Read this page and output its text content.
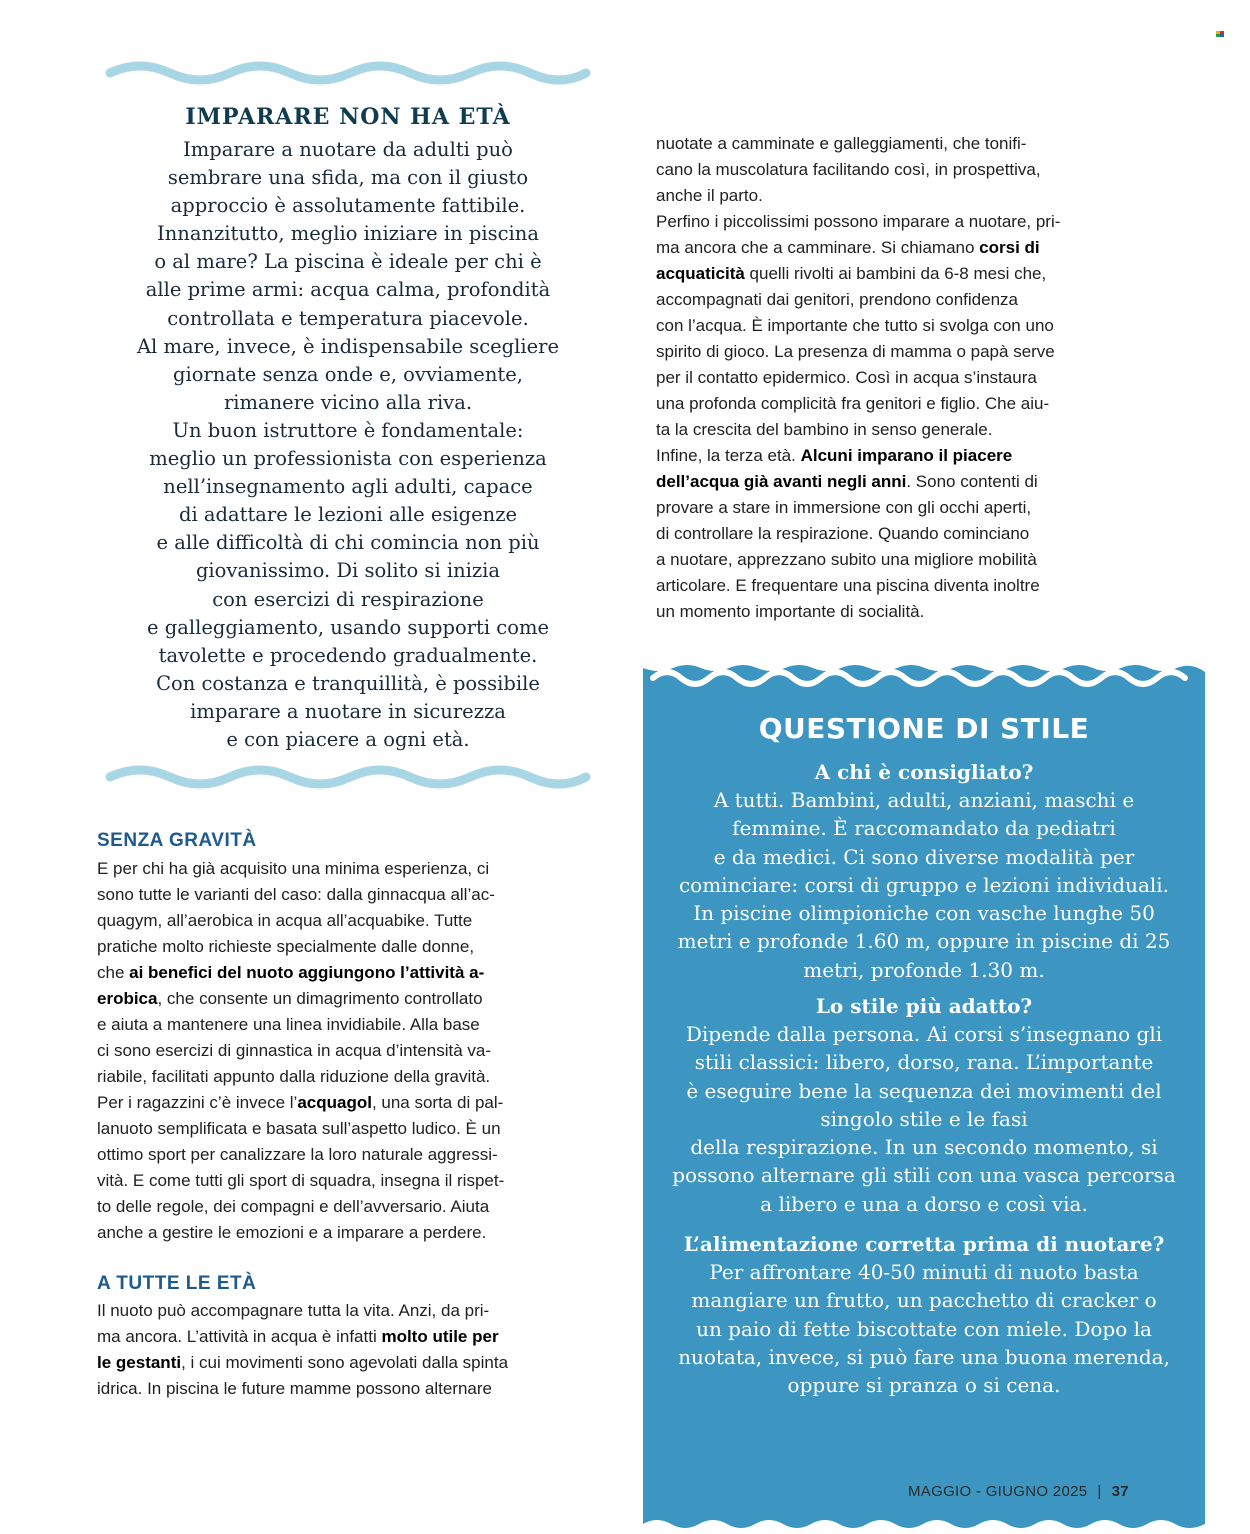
IMPARARE NON HA ETÀ
Imparare a nuotare da adulti può
sembrare una sfida, ma con il giusto
approccio è assolutamente fattibile.
Innanzitutto, meglio iniziare in piscina
o al mare? La piscina è ideale per chi è
alle prime armi: acqua calma, profondità
controllata e temperatura piacevole.
Al mare, invece, è indispensabile scegliere
giornate senza onde e, ovviamente,
rimanere vicino alla riva.
Un buon istruttore è fondamentale:
meglio un professionista con esperienza
nell’insegnamento agli adulti, capace
di adattare le lezioni alle esigenze
e alle difficoltà di chi comincia non più
giovanissimo. Di solito si inizia
con esercizi di respirazione
e galleggiamento, usando supporti come
tavolette e procedendo gradualmente.
Con costanza e tranquillità, è possibile
imparare a nuotare in sicurezza
e con piacere a ogni età.
nuotate a camminate e galleggiamenti, che tonifi-
cano la muscolatura facilitando così, in prospettiva,
anche il parto.
Perfino i piccolissimi possono imparare a nuotare, pri-
ma ancora che a camminare. Si chiamano corsi di
acquaticità quelli rivolti ai bambini da 6-8 mesi che,
accompagnati dai genitori, prendono confidenza
con l’acqua. È importante che tutto si svolga con uno
spirito di gioco. La presenza di mamma o papà serve
per il contatto epidermico. Così in acqua s’instaura
una profonda complicità fra genitori e figlio. Che aiu-
ta la crescita del bambino in senso generale.
Infine, la terza età. Alcuni imparano il piacere
dell’acqua già avanti negli anni. Sono contenti di
provare a stare in immersione con gli occhi aperti,
di controllare la respirazione. Quando cominciano
a nuotare, apprezzano subito una migliore mobilità
articolare. E frequentare una piscina diventa inoltre
un momento importante di socialità.
SENZA GRAVITÀ
E per chi ha già acquisito una minima esperienza, ci
sono tutte le varianti del caso: dalla ginnacqua all’ac-
quagym, all’aerobica in acqua all’acquabike. Tutte
pratiche molto richieste specialmente dalle donne,
che ai benefici del nuoto aggiungono l’attività a-
erobica, che consente un dimagrimento controllato
e aiuta a mantenere una linea invidiabile. Alla base
ci sono esercizi di ginnastica in acqua d’intensità va-
riabile, facilitati appunto dalla riduzione della gravità.
Per i ragazzini c’è invece l’acquagol, una sorta di pal-
lanuoto semplificata e basata sull’aspetto ludico. È un
ottimo sport per canalizzare la loro naturale aggressi-
vità. E come tutti gli sport di squadra, insegna il rispet-
to delle regole, dei compagni e dell’avversario. Aiuta
anche a gestire le emozioni e a imparare a perdere.
A TUTTE LE ETÀ
Il nuoto può accompagnare tutta la vita. Anzi, da pri-
ma ancora. L’attività in acqua è infatti molto utile per
le gestanti, i cui movimenti sono agevolati dalla spinta
idrica. In piscina le future mamme possono alternare
QUESTIONE DI STILE
A chi è consigliato?
A tutti. Bambini, adulti, anziani, maschi e
femmine. È raccomandato da pediatri
e da medici. Ci sono diverse modalità per
cominciare: corsi di gruppo e lezioni individuali.
In piscine olimpioniche con vasche lunghe 50
metri e profonde 1.60 m, oppure in piscine di 25
metri, profonde 1.30 m.
Lo stile più adatto?
Dipende dalla persona. Ai corsi s’insegnano gli
stili classici: libero, dorso, rana. L’importante
è eseguire bene la sequenza dei movimenti del
singolo stile e le fasi
della respirazione. In un secondo momento, si
possono alternare gli stili con una vasca percorsa
a libero e una a dorso e così via.
L’alimentazione corretta prima di nuotare?
Per affrontare 40-50 minuti di nuoto basta
mangiare un frutto, un pacchetto di cracker o
un paio di fette biscottate con miele. Dopo la
nuotata, invece, si può fare una buona merenda,
oppure si pranza o si cena.
MAGGIO - GIUGNO 2025 | 37
